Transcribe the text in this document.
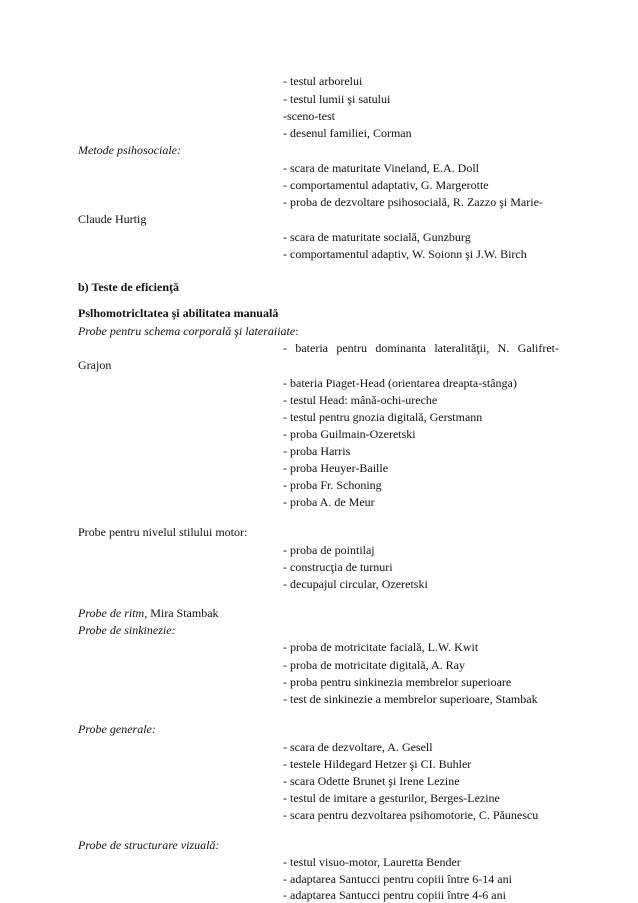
- testul arborelui
- testul lumii şi satului
-sceno-test
- desenul familiei, Corman
Metode psihosociale:
- scara de maturitate Vineland, E.A. Doll
- comportamentul adaptativ, G. Margerotte
- proba de dezvoltare psihosocială, R. Zazzo şi Marie-
Claude Hurtig
- scara de maturitate socială, Gunzburg
- comportamentul adaptiv, W. Soionn şi J.W. Birch
b) Teste de eficienţă
Pslhomotricltatea şi abilitatea manuală
Probe pentru schema corporală şi lateraiiate:
- bateria pentru dominanta lateralităţii, N. Galifret-
Grajon
- bateria Piaget-Head (orientarea dreapta-stânga)
- testul Head: mână-ochi-ureche
- testul pentru gnozia digitală, Gerstmann
- proba Guilmain-Ozeretski
- proba Harris
- proba Heuyer-Baille
- proba Fr. Schoning
- proba A. de Meur
Probe pentru nivelul stilului motor:
- proba de pointilaj
- construcţia de turnuri
- decupajul circular, Ozeretski
Probe de ritm, Mira Stambak
Probe de sinkinezie:
- proba de motricitate facială, L.W. Kwit
- proba de motricitate digitală, A. Ray
- proba pentru sinkinezia membrelor superioare
- test de sinkinezie a membrelor superioare, Stambak
Probe generale:
- scara de dezvoltare, A. Gesell
- testele Hildegard Hetzer şi CI. Buhler
- scara Odette Brunet şi Irene Lezine
- testul de imitare a gesturilor, Berges-Lezine
- scara pentru dezvoltarea psihomotorie, C. Păunescu
Probe de structurare vizuală:
- testul visuo-motor, Lauretta Bender
- adaptarea Santucci pentru copiii între 6-14 ani
- adaptarea Santucci pentru copiii între 4-6 ani
